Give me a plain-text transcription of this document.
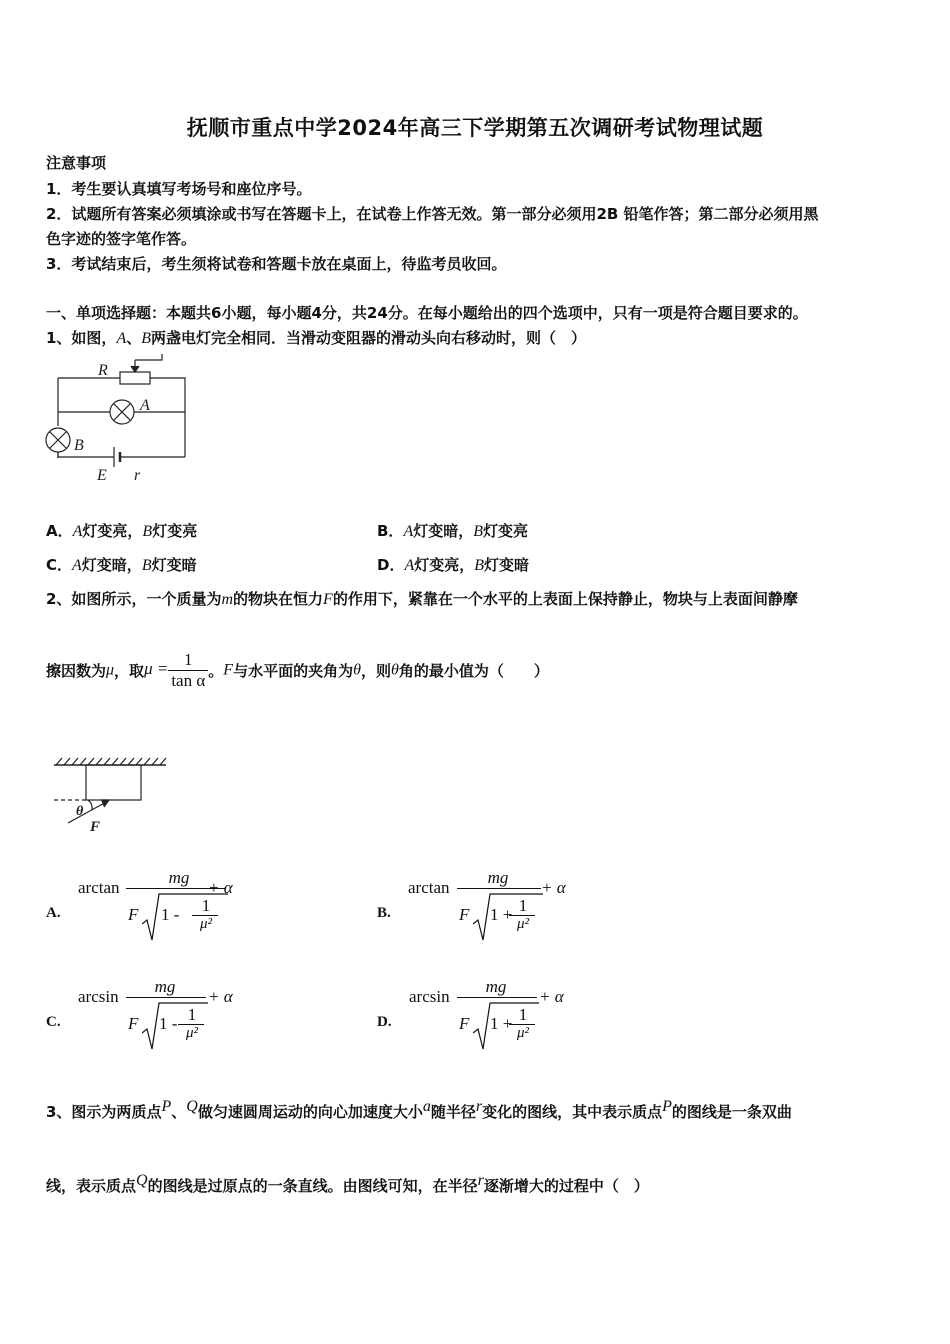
抚顺市重点中学2024年高三下学期第五次调研考试物理试题
注意事项
1．考生要认真填写考场号和座位序号。
2．试题所有答案必须填涂或书写在答题卡上，在试卷上作答无效。第一部分必须用2B 铅笔作答；第二部分必须用黑
色字迹的签字笔作答。
3．考试结束后，考生须将试卷和答题卡放在桌面上，待监考员收回。
一、单项选择题：本题共6小题，每小题4分，共24分。在每小题给出的四个选项中，只有一项是符合题目要求的。
1、如图，A、B两盏电灯完全相同．当滑动变阻器的滑动头向右移动时，则（　）
R
A
B
E r
A．A灯变亮，B灯变亮	B．A灯变暗，B灯变亮
C．A灯变暗，B灯变暗	D．A灯变亮，B灯变暗
2、如图所示，一个质量为m的物块在恒力F的作用下，紧靠在一个水平的上表面上保持静止，物块与上表面间静摩
擦因数为μ，取$\mu = \frac{1}{\text{tan α}}$ 。F与水平面的夹角为θ，则θ角的最小值为（　　）
θ
F
A.
arctan
mg
F 1 -	1
μ²
+ α
B.
arctan
mg
F 1 + 1
μ²
+ α
C.
arcsin
mg
F 1 - 1
μ²
+ α
D.
arcsin
mg
F 1 + 1
μ²
+ α
3、图示为两质点$^P$、$^Q$做匀速圆周运动的向心加速度大小$^a$随半径$^r$变化的图线，其中表示质点$^P$的图线是一条双曲
线，表示质点$^Q$的图线是过原点的一条直线。由图线可知，在半径$^r$逐渐增大的过程中（　）
